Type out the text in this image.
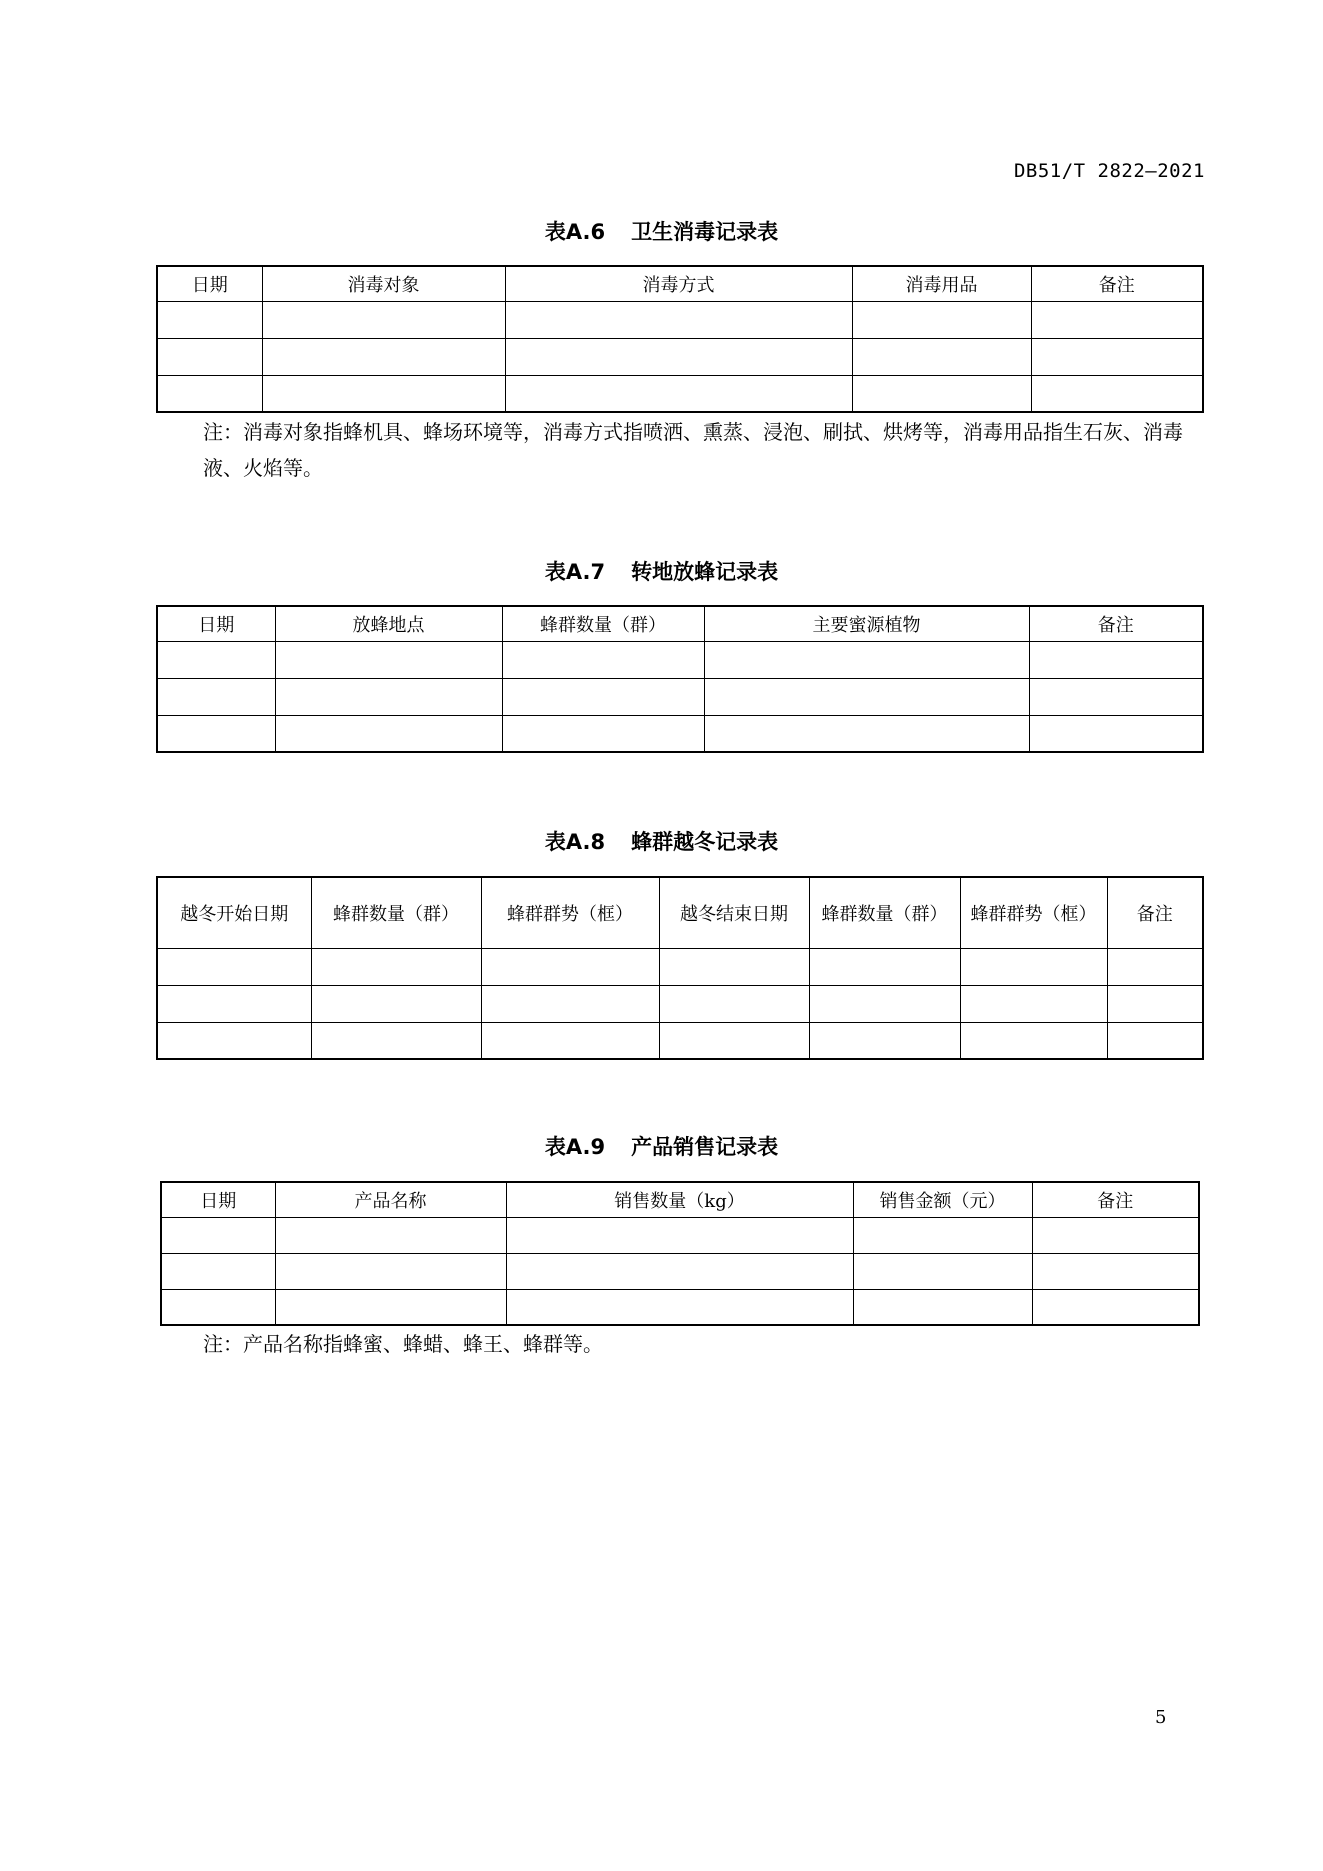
DB51/T 2822—2021
表A.6 卫生消毒记录表
日期	消毒对象	消毒方式	消毒用品	备注

注：消毒对象指蜂机具、蜂场环境等，消毒方式指喷洒、熏蒸、浸泡、刷拭、烘烤等，消毒用品指生石灰、消毒液、火焰等。
表A.7 转地放蜂记录表
日期	放蜂地点	蜂群数量（群）	主要蜜源植物	备注

表A.8 蜂群越冬记录表
越冬开始日期	蜂群数量（群）	蜂群群势（框）	越冬结束日期	蜂群数量（群）	蜂群群势（框）	备注

表A.9 产品销售记录表
日期	产品名称	销售数量（kg）	销售金额（元）	备注

注：产品名称指蜂蜜、蜂蜡、蜂王、蜂群等。
5
